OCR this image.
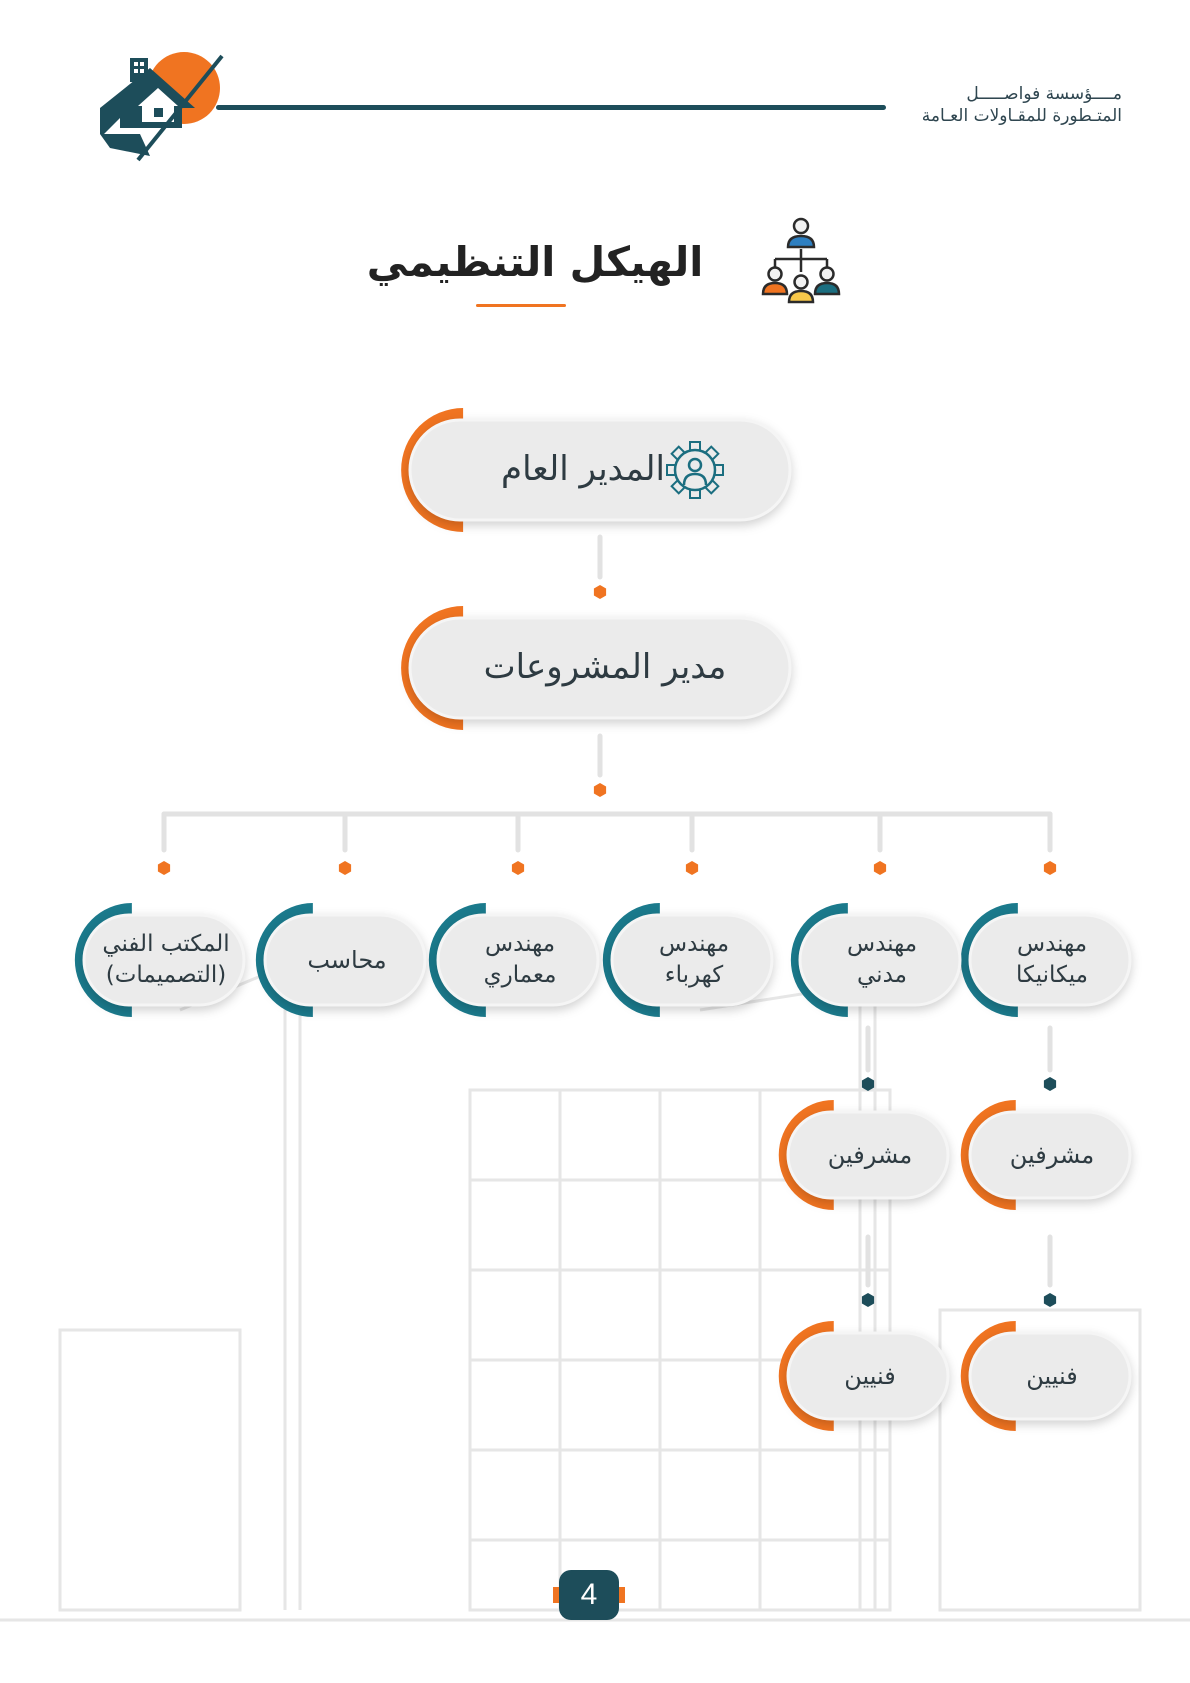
مــــؤسسة فواصـــــل
المتـطورة للمقـاولات العـامة
الهيكل التنظيمي
المدير العام
مدير المشروعات
مهندس
ميكانيكا
مهندس
مدني
مهندس
كهرباء
مهندس
معماري
محاسب
المكتب الفني
(التصميمات)
مشرفين
فنيين
مشرفين
فنيين
4
